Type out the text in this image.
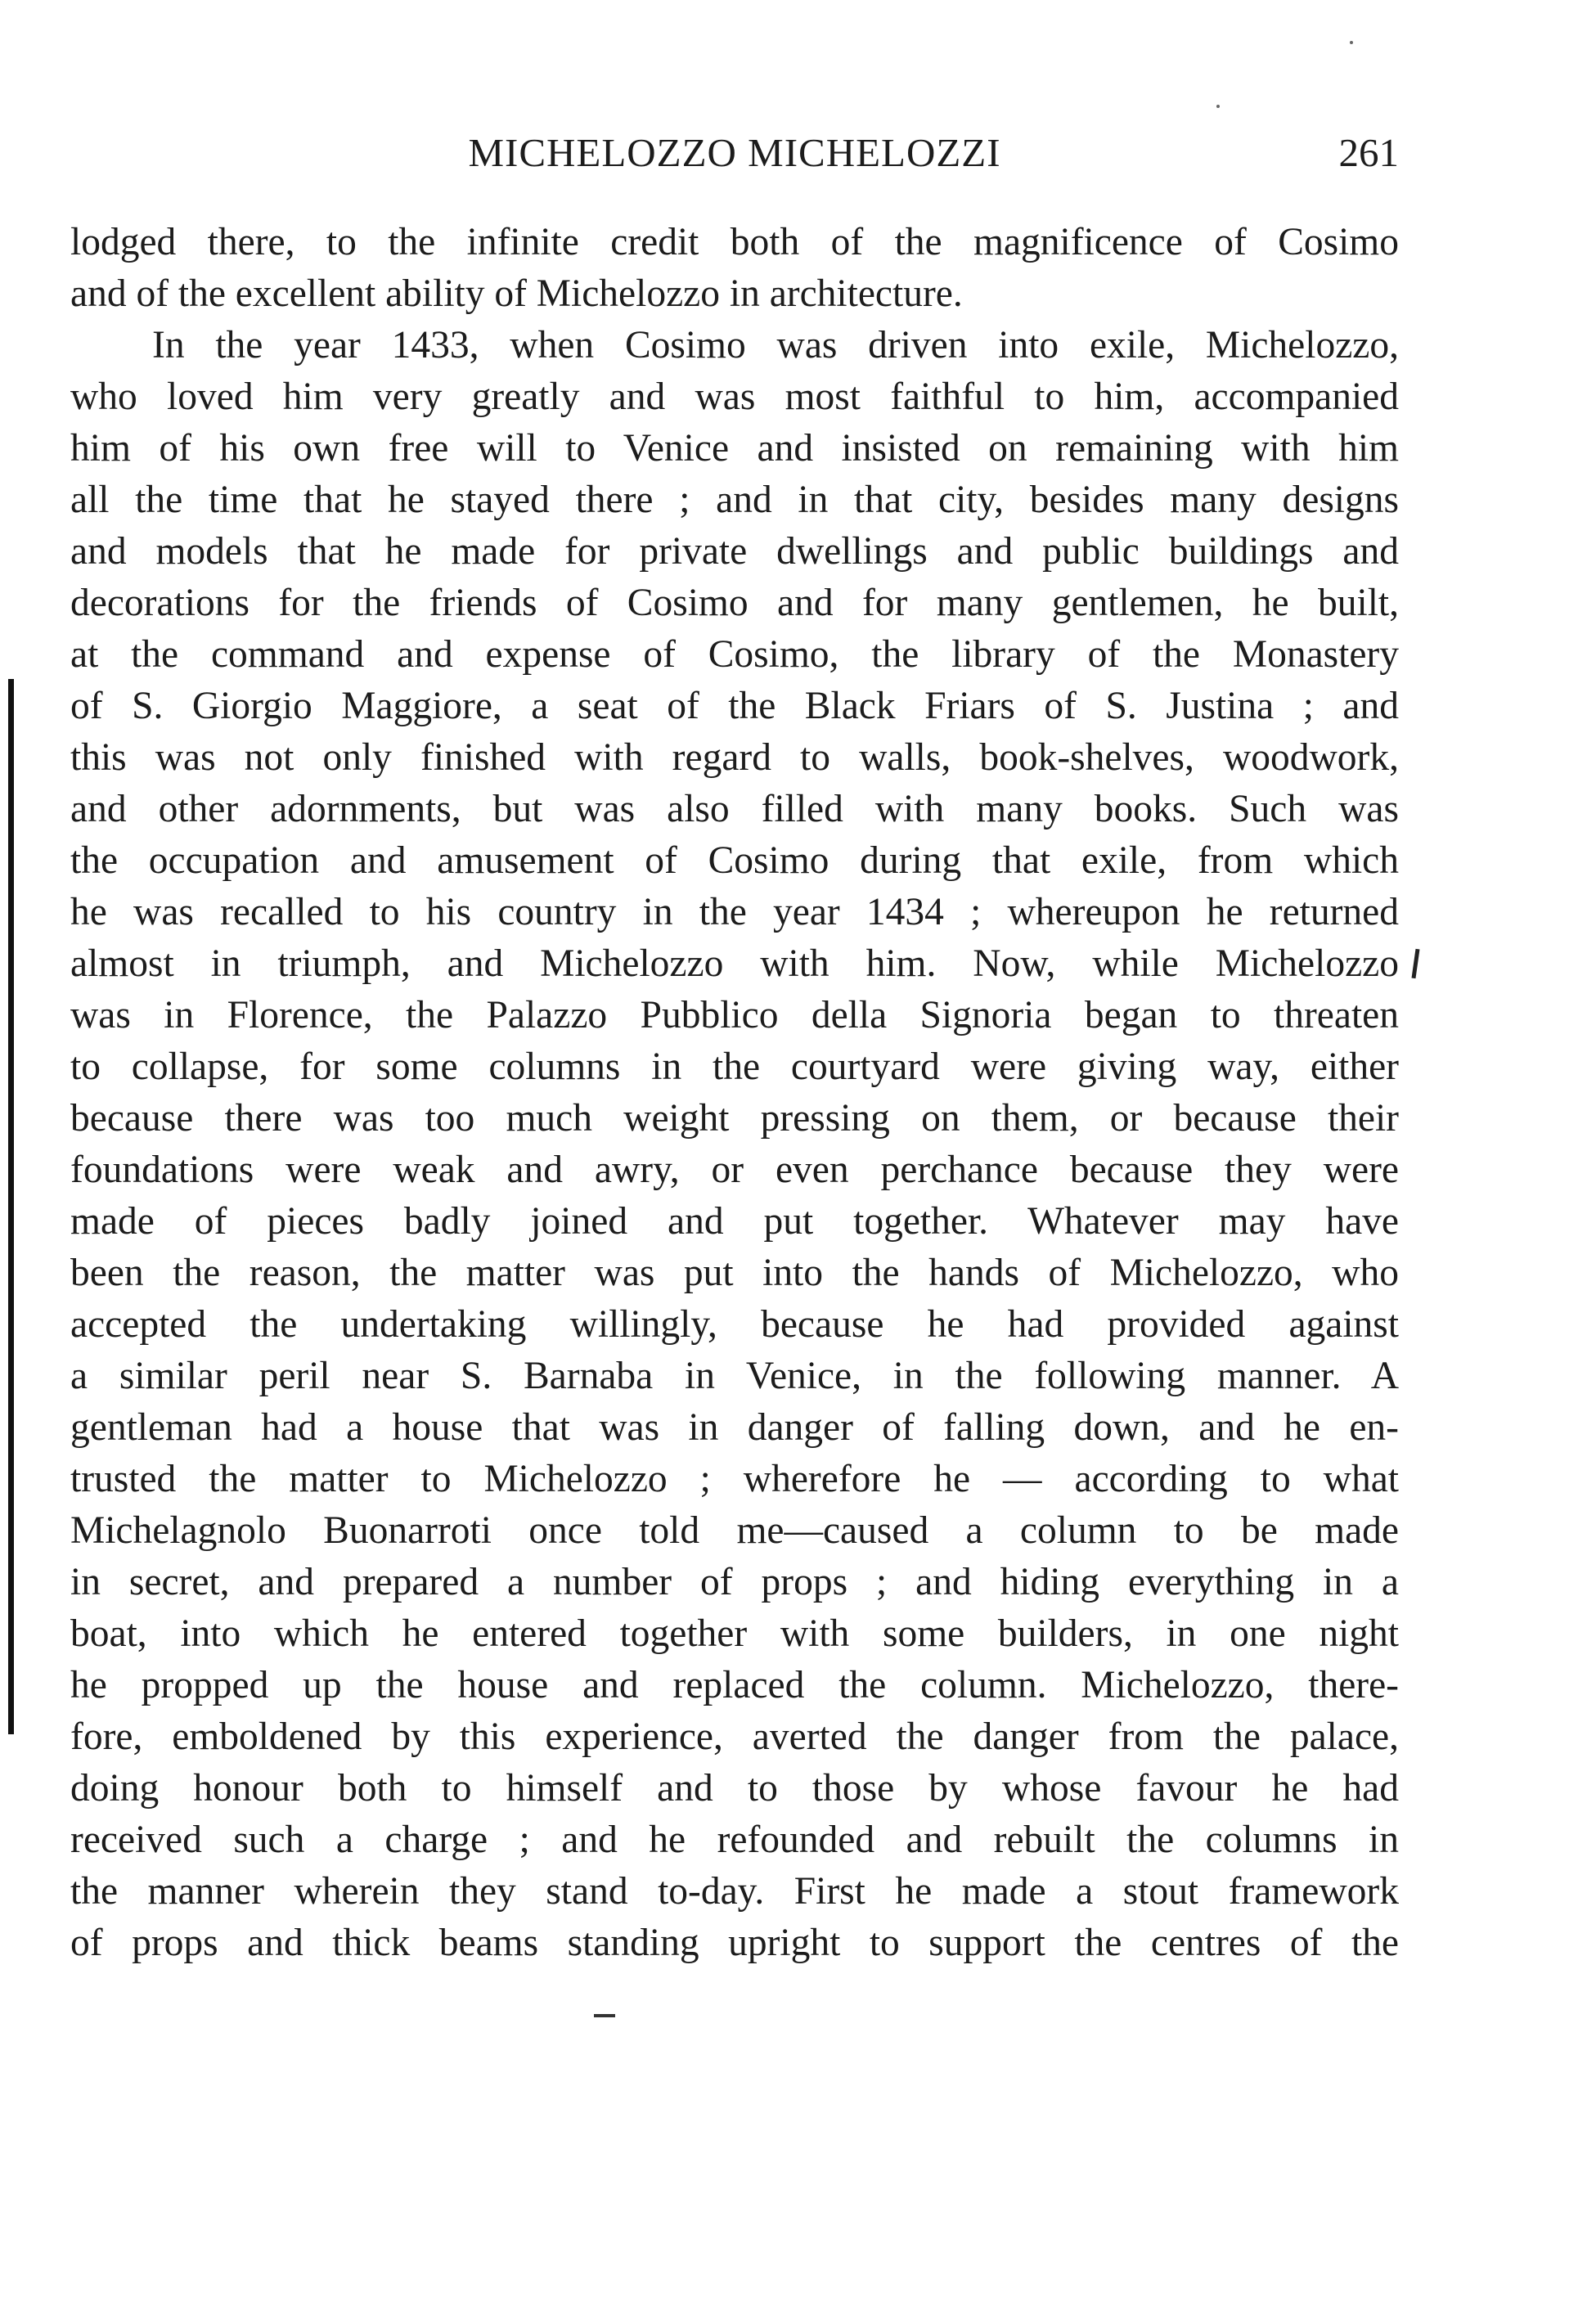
MICHELOZZO MICHELOZZI	261
lodged there, to the infinite credit both of the magnificence of Cosimo
and of the excellent ability of Michelozzo in architecture.
In the year 1433, when Cosimo was driven into exile, Michelozzo,
who loved him very greatly and was most faithful to him, accompanied
him of his own free will to Venice and insisted on remaining with him
all the time that he stayed there ; and in that city, besides many designs
and models that he made for private dwellings and public buildings and
decorations for the friends of Cosimo and for many gentlemen, he built,
at the command and expense of Cosimo, the library of the Monastery
of S. Giorgio Maggiore, a seat of the Black Friars of S. Justina ; and
this was not only finished with regard to walls, book-shelves, woodwork,
and other adornments, but was also filled with many books. Such was
the occupation and amusement of Cosimo during that exile, from which
he was recalled to his country in the year 1434 ; whereupon he returned
almost in triumph, and Michelozzo with him. Now, while Michelozzo
was in Florence, the Palazzo Pubblico della Signoria began to threaten
to collapse, for some columns in the courtyard were giving way, either
because there was too much weight pressing on them, or because their
foundations were weak and awry, or even perchance because they were
made of pieces badly joined and put together. Whatever may have
been the reason, the matter was put into the hands of Michelozzo, who
accepted the undertaking willingly, because he had provided against
a similar peril near S. Barnaba in Venice, in the following manner. A
gentleman had a house that was in danger of falling down, and he en-
trusted the matter to Michelozzo ; wherefore he — according to what
Michelagnolo Buonarroti once told me—caused a column to be made
in secret, and prepared a number of props ; and hiding everything in a
boat, into which he entered together with some builders, in one night
he propped up the house and replaced the column. Michelozzo, there-
fore, emboldened by this experience, averted the danger from the palace,
doing honour both to himself and to those by whose favour he had
received such a charge ; and he refounded and rebuilt the columns in
the manner wherein they stand to-day. First he made a stout framework
of props and thick beams standing upright to support the centres of the
